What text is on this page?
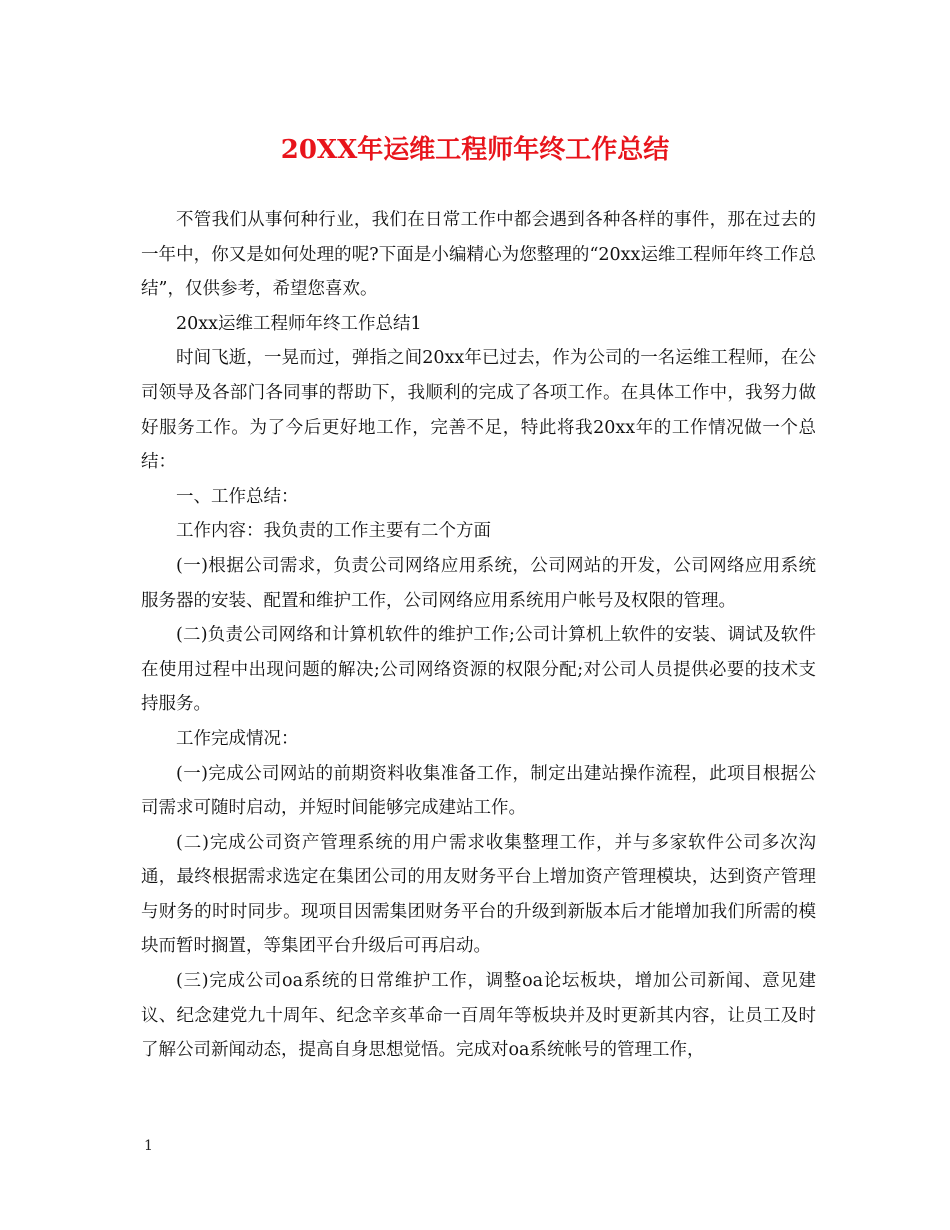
20XX年运维工程师年终工作总结

不管我们从事何种行业，我们在日常工作中都会遇到各种各样的事件，那在过去的一年中，你又是如何处理的呢?下面是小编精心为您整理的“20xx运维工程师年终工作总结”，仅供参考，希望您喜欢。

20xx运维工程师年终工作总结1

时间飞逝，一晃而过，弹指之间20xx年已过去，作为公司的一名运维工程师，在公司领导及各部门各同事的帮助下，我顺利的完成了各项工作。在具体工作中，我努力做好服务工作。为了今后更好地工作，完善不足，特此将我20xx年的工作情况做一个总结：

一、工作总结：

工作内容：我负责的工作主要有二个方面

(一)根据公司需求，负责公司网络应用系统，公司网站的开发，公司网络应用系统服务器的安装、配置和维护工作，公司网络应用系统用户帐号及权限的管理。

(二)负责公司网络和计算机软件的维护工作;公司计算机上软件的安装、调试及软件在使用过程中出现问题的解决;公司网络资源的权限分配;对公司人员提供必要的技术支持服务。

工作完成情况：

(一)完成公司网站的前期资料收集准备工作，制定出建站操作流程，此项目根据公司需求可随时启动，并短时间能够完成建站工作。

(二)完成公司资产管理系统的用户需求收集整理工作，并与多家软件公司多次沟通，最终根据需求选定在集团公司的用友财务平台上增加资产管理模块，达到资产管理与财务的时时同步。现项目因需集团财务平台的升级到新版本后才能增加我们所需的模块而暂时搁置，等集团平台升级后可再启动。

(三)完成公司oa系统的日常维护工作，调整oa论坛板块，增加公司新闻、意见建议、纪念建党九十周年、纪念辛亥革命一百周年等板块并及时更新其内容，让员工及时了解公司新闻动态，提高自身思想觉悟。完成对oa系统帐号的管理工作，

1
